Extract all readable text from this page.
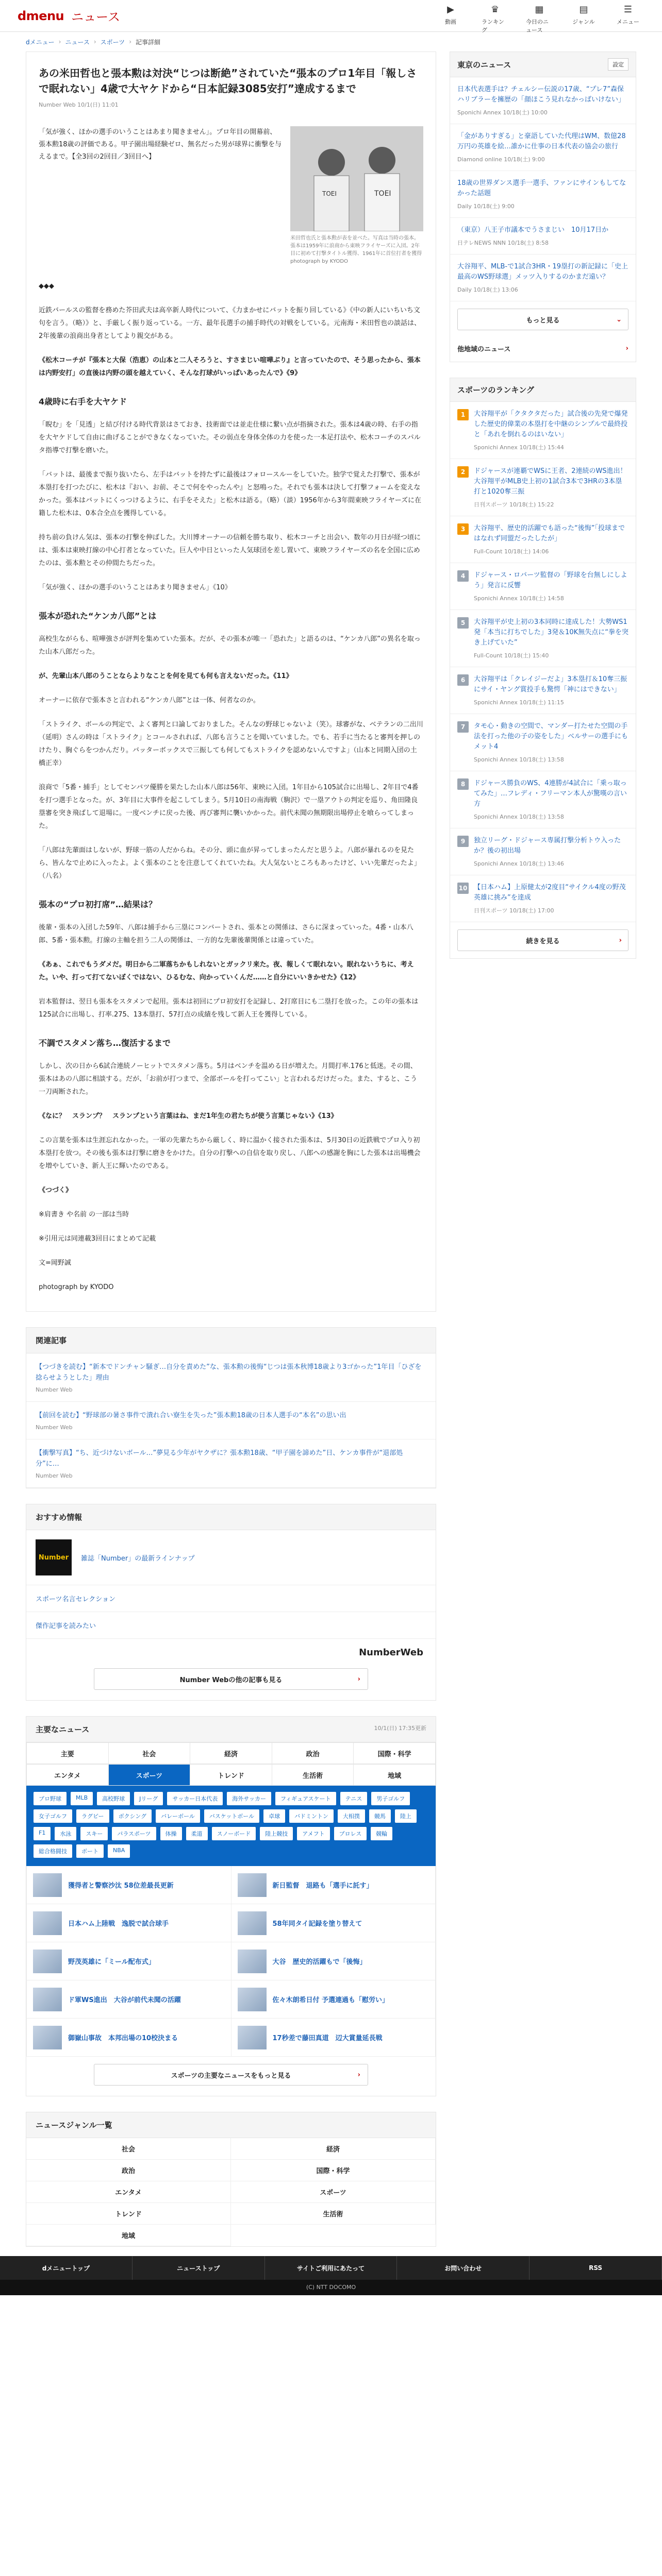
dmenu ニュース
▶
動画
♛
ランキング
▦
今日のニュース
▤
ジャンル
☰
メニュー
dメニュー › ニュース › スポーツ › 記事詳細
あの米田哲也と張本勲は対決“じつは断絶”されていた“張本のプロ1年目「報しさで眠れない」4歳で大ヤケドから“日本記録3085安打”達成するまで
Number Web 10/1(日) 11:01
「気が強く、ほかの選手のいうことはあまり聞きません」。プロ年目の開幕前、張本勲18歳の評価である。甲子園出場経験ゼロ、無名だった男が球界に衝撃を与えるまで。【全3回の2回目／3回目へ】
TOEI
TOEI
米田哲也氏と張本勲が表を並べた。写真は当時の張本。張本は1959年に浪商から東映フライヤーズに入団。2年目に初めて打撃タイトル獲得、1961年に首位打者を獲得 photograph by KYODO
◆◆◆

近鉄バールスの監督を務めた芥田武夫は高卒新人時代について、《力まかせにバットを振り回している》《中の新人にいちいち文句を言う。（略）》と、手厳しく振り返っている。一方、最年長選手の捕手時代の対戦をしている。元南海・米田哲也の談話は、2年後輩の浪商出身者としてより親交がある。

《松木コーチが『張本と大保（浩恵）の山本と二人そろうと、すさまじい喧嘩ぶり』と言っていたので、そう思ったから、張本は内野安打」の直後は内野の頭を越えていく、そんな打球がいっぱいあったんで》《9》

4歳時に右手を大ヤケド

「睨む」を「見透」と結び付ける時代背景はさておき、技術面では並走仕様に繋い点が指摘された。張本は4歳の時、右手の指を大ヤケドして自由に曲げることができなくなっていた。その弱点を身体全体の力を使った一本足打法や、松木コーチのスパルタ指導で打撃を磨いた。

「バットは、最後まで振り抜いたら、左手はバットを持たずに最後はフォロースルーをしていた。独学で覚えた打撃で、張本が本塁打を打つたびに、松木は『おい、お前、そこで何をやったんや』と怒鳴った。それでも張本は決して打撃フォームを変えなかった。張本はバットにくっつけるように、右手をそえた」と松木は語る。（略）（談）1956年から3年間東映フライヤーズに在籍した松木は、0本合全点を獲得している。

持ち前の負けん気は、張本の打撃を伸ばした。大川博オーナーの信頼を勝ち取り、松木コーチと出会い、数年の月日が経つ頃には、張本は東映打線の中心打者となっていた。巨人や中日といった人気球団を差し置いて、東映フライヤーズの名を全国に広めたのは、張本勲とその仲間たちだった。

「気が強く、ほかの選手のいうことはあまり聞きません」《10》

張本が恐れた“ケンカ八郎”とは

高校生ながらも、喧嘩強さが評判を集めていた張本。だが、その張本が唯一「恐れた」と語るのは、“ケンカ八郎”の異名を取った山本八郎だった。

が、先輩山本八郎のうことならよりなことを何を見ても何も言えないだった。《11》

オーナーに依存で張本さと言われる“ケンカ八郎”とは一体、何者なのか。

「ストライク、ボールの判定で、よく審判と口論しておりました。そんなの野球じゃないよ（笑）。球審がな、ベテランの二出川（延明）さんの時は「ストライク」とコールされれば、八郎も言うことを聞いていました。でも、若手に当たると審判を押しのけたり、胸ぐらをつかんだり。バッターボックスで三振しても何してもストライクを認めないんですよ」（山本と同期入団の土橋正幸）

浪商で「5番・捕手」としてセンバツ優勝を果たした山本八郎は56年、東映に入団。1年目から105試合に出場し、2年目で4番を打つ選手となった。が、3年目に大事件を起こしてしまう。5月10日の南海戦（駒沢）で一塁アウトの判定を巡り、角田隆良塁審を突き飛ばして退場に。一度ベンチに戻った後、再び審判に襲いかかった。前代未聞の無期限出場停止を喰らってしまった。

「八郎は先輩面はしないが、野球一筋の人だからね。その分、頭に血が昇ってしまったんだと思うよ。八郎が暴れるのを見たら、皆んなで止めに入ったよ。よく張本のことを注意してくれていたね。大人気ないところもあったけど、いい先輩だったよ」（八名）

張本の“プロ初打席”…結果は？

後輩・張本の入団した59年、八郎は捕手から三塁にコンバートされ、張本との関係は、さらに深まっていった。4番・山本八郎、5番・張本勲。打線の主軸を担う二人の関係は、一方的な先輩後輩関係とは違っていた。

《あぁ、これでもうダメだ。明日から二軍落ちかもしれないとガックリ来た。夜、報しくて眠れない。眠れないうちに、考えた。いや、打って打てないぼくではない、ひるむな、向かっていくんだ……と自分にいいきかせた》《12》

岩本監督は、翌日も張本をスタメンで起用。張本は初回にプロ初安打を記録し、2打席目にも二塁打を放った。この年の張本は125試合に出場し、打率.275、13本塁打、57打点の成績を残して新人王を獲得している。

不調でスタメン落ち…復活するまで

しかし、次の日から6試合連続ノーヒットでスタメン落ち。5月はベンチを温める日が増えた。月間打率.176と低迷。その間、張本はあの八郎に相談する。だが、「お前が打つまで、全部ボールを打ってこい」と言われるだけだった。また、すると、こう一刀両断された。

《なに？　スランプ？　スランプという言葉はね、まだ1年生の君たちが使う言葉じゃない》《13》

この言葉を張本は生涯忘れなかった。一軍の先輩たちから厳しく、時に温かく接された張本は、5月30日の近鉄戦でプロ入り初本塁打を放つ。その後も張本は打撃に磨きをかけた。自分の打撃への自信を取り戻し、八郎への感謝を胸にした張本は出場機会を増やしていき、新人王に輝いたのである。

《つづく》

※肩書き や名前 の一部は当時

※引用元は同連載3回目にまとめて記載

文=岡野誠

photograph by KYODO

関連記事
【つづきを読む】“新本でドンチャン騒ぎ…自分を責めた”な、張本勲の後悔“じつは張本秋博18歳より3ゴかった”1年目「ひざを捻らせようとした」理由
Number Web
【前回を読む】“野球部の暑さ事件で潰れ合い寮生を失った”張本勲18歳の日本人選手の“本名”の思い出
Number Web
【衝撃写真】“ち、近づけないボール…”夢見る少年がヤクザに？張本勲18歳、“甲子園を諦めた”日、ケンカ事件が“退部処分”に…
Number Web
おすすめ情報
Number	雑誌「Number」の最新ラインナップ
スポーツ名言セレクション
傑作記事を読みたい
NumberWeb
Number Webの他の記事も見る	›
主要なニュース	10/1(日) 17:35更新
主要	社会	経済	政治	国際・科学
エンタメ	スポーツ	トレンド	生活術	地域
プロ野球	MLB	高校野球	Jリーグ	サッカー日本代表	海外サッカー	フィギュアスケート	テニス	男子ゴルフ
女子ゴルフ	ラグビー	ボクシング	バレーボール	バスケットボール	卓球	バドミントン	大相撲	競馬	陸上
F1	水泳	スキー	パラスポーツ	体操	柔道	スノーボード	陸上競技	アメフト	プロレス	競輪
総合格闘技	ボート	NBA
獲得者と警察沙汰 58位差最長更新	新日監督　退路も「選手に託す」
日本ハム上陸戦　逸脱で試合球手	58年同タイ記録を塗り替えて
野茂英雄に「ミール配布式」	大谷　歴史的活躍もで「後悔」
ド軍WS進出　大谷が前代未聞の活躍	佐々木朗希日付 予選連過も「慰労い」
御嶽山事故　本邦出場の10校決まる	17秒差で藤田真道　辺大賞量延長戦
スポーツの主要なニュースをもっと見る	›
ニュースジャンル一覧
社会	経済
政治	国際・科学
エンタメ	スポーツ
トレンド	生活術
地域
東京のニュース	設定
日本代表選手は？チェルシー伝説の17歳、“プレ7”森保ハリブラーを擁歴の「顔ほこう見れなかっばいけない」
Sponichi Annex 10/18(土) 10:00
「金がありすぎる」と豪語していた代理はWM、数億28万円の英雄を絵…誰かに仕事の日本代表の協会の旅行
Diamond online 10/18(土) 9:00
18歳の世界ダンス選手一選手、ファンにサインもしてなかった話題
Daily 10/18(土) 9:00
（東京）八王子市議本でうさまじい　10月17日か
日テレNEWS NNN 10/18(土) 8:58
大谷翔平、MLB-で1試合3HR・19塁打の新記録に「史上最高のWS野球選」メッツ入りするのかまだ遠い？
Daily 10/18(土) 13:06
もっと見る	⌄
他地域のニュース	›
スポーツのランキング
1	大谷翔平が「クタクタだった」試合後の先発で爆発した歴史的偉業の本塁打を中継のシンプルで最終投と「あれを倒れるのはいない」
Sponichi Annex 10/18(土) 15:44
2	ドジャースが連覇でWSに王者、2連続のWS進出！大谷翔平がMLB史上初の1試合3本で3HRの3本塁打と1020奪三振
日刊スポーツ 10/18(土) 15:22
3	大谷翔平、歴史的活躍でも語った“後悔”「投球まではなれず同盟だったしたが」
Full-Count 10/18(土) 14:06
4	ドジャース・ロバーツ監督の「野球を台無しにしよう」発言に反響
Sponichi Annex 10/18(土) 14:58
5	大谷翔平が史上初の3本同時に達成した！大勢WS1発「本当に打ちでした」3発＆10K無失点に“拳を突き上げていた”
Full-Count 10/18(土) 15:40
6	大谷翔平は「クレイジーだよ」3本塁打＆10奪三振にサイ・ヤング賞投手も驚愕「神にはできない」
Sponichi Annex 10/18(土) 11:15
7	タモ心・動きの空間で、マンダー打たせた空間の手法を打った他の子の姿をした」ベルサーの選手にもメット4
Sponichi Annex 10/18(土) 13:58
8	ドジャース勝負のWS、4連勝が4試合に「乗っ取ってみた」…フレディ・フリーマン本人が驚嘆の言い方
Sponichi Annex 10/18(土) 13:58
9	独立リーグ・ドジャース専属打撃分析トウ入ったか？後の初出場
Sponichi Annex 10/18(土) 13:46
10 【日本ハム】上原健太が2度目“サイクル4度の野茂英雄に挑み”を達成
日刊スポーツ 10/18(土) 17:00
続きを見る	›
dメニュートップ	ニューストップ	サイトご利用にあたって	お問い合わせ	RSS
(C) NTT DOCOMO
